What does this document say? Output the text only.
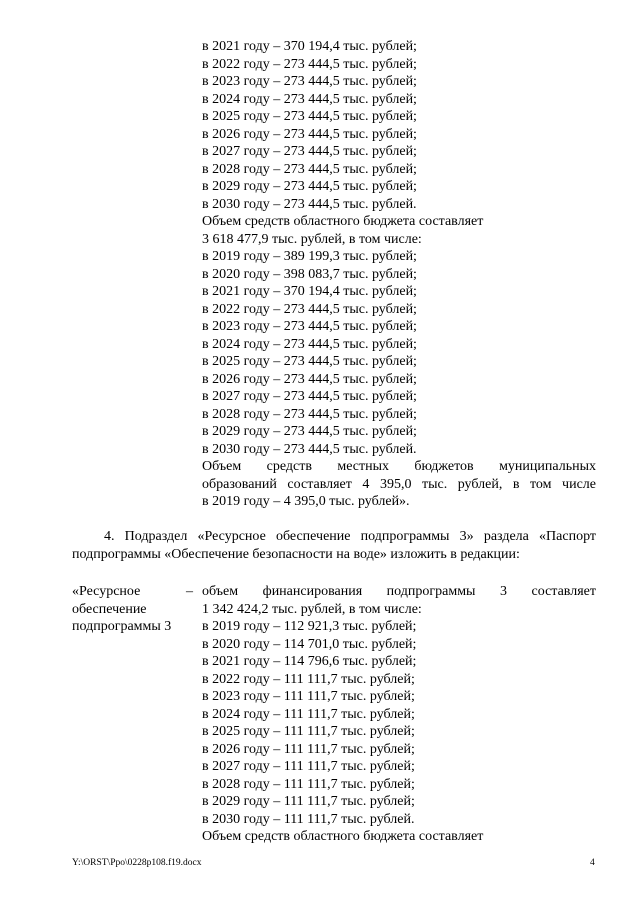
в 2021 году – 370 194,4 тыс. рублей;
в 2022 году – 273 444,5 тыс. рублей;
в 2023 году – 273 444,5 тыс. рублей;
в 2024 году – 273 444,5 тыс. рублей;
в 2025 году – 273 444,5 тыс. рублей;
в 2026 году – 273 444,5 тыс. рублей;
в 2027 году – 273 444,5 тыс. рублей;
в 2028 году – 273 444,5 тыс. рублей;
в 2029 году – 273 444,5 тыс. рублей;
в 2030 году – 273 444,5 тыс. рублей.
Объем средств областного бюджета составляет
3 618 477,9 тыс. рублей, в том числе:
в 2019 году – 389 199,3 тыс. рублей;
в 2020 году – 398 083,7 тыс. рублей;
в 2021 году – 370 194,4 тыс. рублей;
в 2022 году – 273 444,5 тыс. рублей;
в 2023 году – 273 444,5 тыс. рублей;
в 2024 году – 273 444,5 тыс. рублей;
в 2025 году – 273 444,5 тыс. рублей;
в 2026 году – 273 444,5 тыс. рублей;
в 2027 году – 273 444,5 тыс. рублей;
в 2028 году – 273 444,5 тыс. рублей;
в 2029 году – 273 444,5 тыс. рублей;
в 2030 году – 273 444,5 тыс. рублей.
Объем средств местных бюджетов муниципальных
образований составляет 4 395,0 тыс. рублей, в том числе
в 2019 году – 4 395,0 тыс. рублей».
4. Подраздел «Ресурсное обеспечение подпрограммы 3» раздела «Паспорт
подпрограммы «Обеспечение безопасности на воде» изложить в редакции:
«Ресурсное
обеспечение
подпрограммы 3
– объем финансирования подпрограммы 3 составляет
1 342 424,2 тыс. рублей, в том числе:
в 2019 году – 112 921,3 тыс. рублей;
в 2020 году – 114 701,0 тыс. рублей;
в 2021 году – 114 796,6 тыс. рублей;
в 2022 году – 111 111,7 тыс. рублей;
в 2023 году – 111 111,7 тыс. рублей;
в 2024 году – 111 111,7 тыс. рублей;
в 2025 году – 111 111,7 тыс. рублей;
в 2026 году – 111 111,7 тыс. рублей;
в 2027 году – 111 111,7 тыс. рублей;
в 2028 году – 111 111,7 тыс. рублей;
в 2029 году – 111 111,7 тыс. рублей;
в 2030 году – 111 111,7 тыс. рублей.
Объем средств областного бюджета составляет
Y:\ORST\Ppo\0228p108.f19.docx	4
